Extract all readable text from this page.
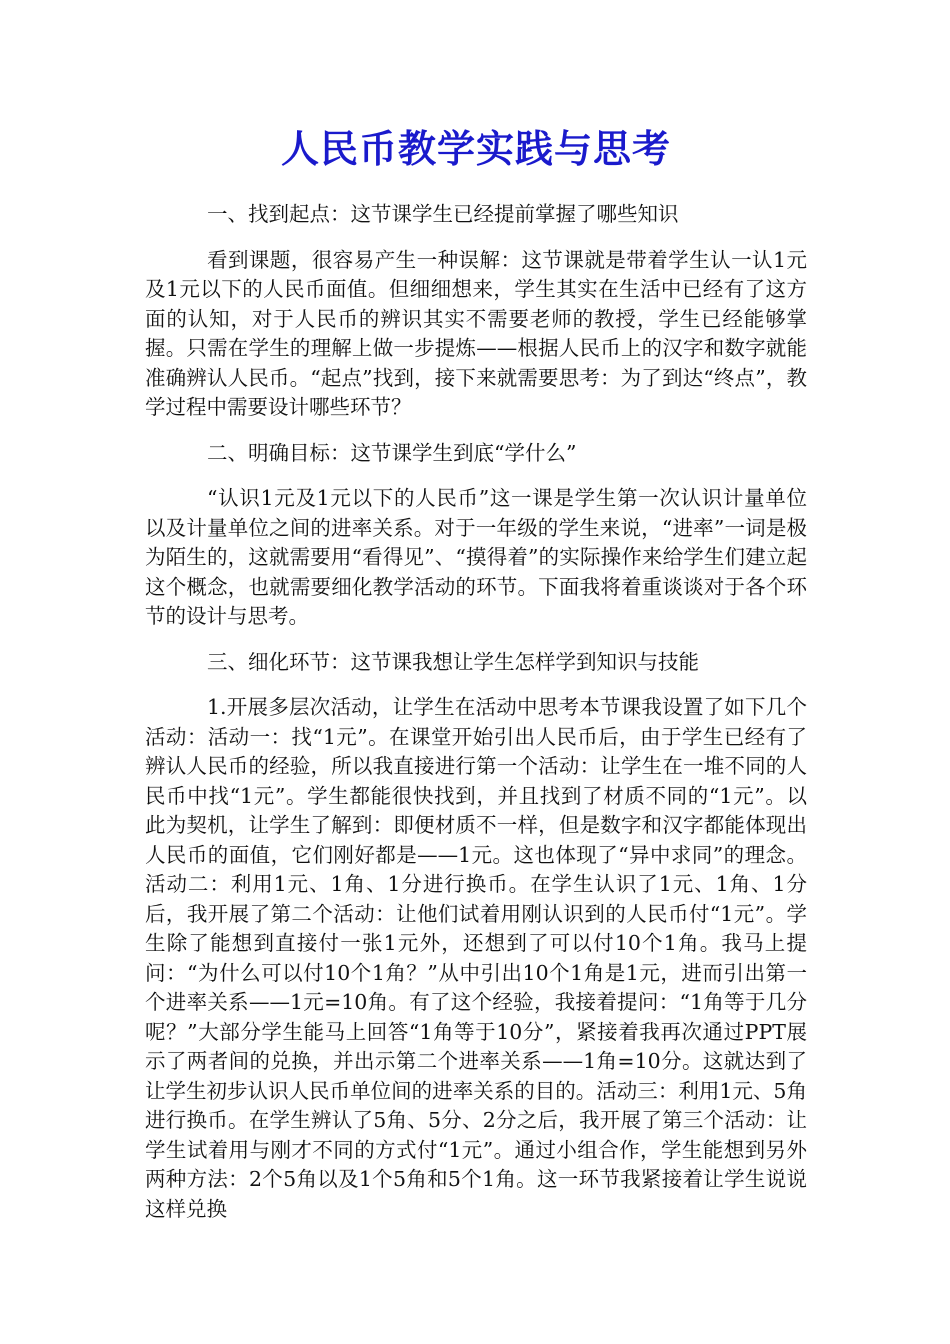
人民币教学实践与思考

一、找到起点：这节课学生已经提前掌握了哪些知识

看到课题，很容易产生一种误解：这节课就是带着学生认一认1元及1元以下的人民币面值。但细细想来，学生其实在生活中已经有了这方面的认知，对于人民币的辨识其实不需要老师的教授，学生已经能够掌握。只需在学生的理解上做一步提炼——根据人民币上的汉字和数字就能准确辨认人民币。“起点”找到，接下来就需要思考：为了到达“终点”，教学过程中需要设计哪些环节？

二、明确目标：这节课学生到底“学什么”

“认识1元及1元以下的人民币”这一课是学生第一次认识计量单位以及计量单位之间的进率关系。对于一年级的学生来说，“进率”一词是极为陌生的，这就需要用“看得见”、“摸得着”的实际操作来给学生们建立起这个概念，也就需要细化教学活动的环节。下面我将着重谈谈对于各个环节的设计与思考。

三、细化环节：这节课我想让学生怎样学到知识与技能

1.开展多层次活动，让学生在活动中思考本节课我设置了如下几个活动：活动一：找“1元”。在课堂开始引出人民币后，由于学生已经有了辨认人民币的经验，所以我直接进行第一个活动：让学生在一堆不同的人民币中找“1元”。学生都能很快找到，并且找到了材质不同的“1元”。以此为契机，让学生了解到：即便材质不一样，但是数字和汉字都能体现出人民币的面值，它们刚好都是——1元。这也体现了“异中求同”的理念。活动二：利用1元、1角、1分进行换币。在学生认识了1元、1角、1分后，我开展了第二个活动：让他们试着用刚认识到的人民币付“1元”。学生除了能想到直接付一张1元外，还想到了可以付10个1角。我马上提问：“为什么可以付10个1角？”从中引出10个1角是1元，进而引出第一个进率关系——1元=10角。有了这个经验，我接着提问：“1角等于几分呢？”大部分学生能马上回答“1角等于10分”，紧接着我再次通过PPT展示了两者间的兑换，并出示第二个进率关系——1角=10分。这就达到了让学生初步认识人民币单位间的进率关系的目的。活动三：利用1元、5角进行换币。在学生辨认了5角、5分、2分之后，我开展了第三个活动：让学生试着用与刚才不同的方式付“1元”。通过小组合作，学生能想到另外两种方法：2个5角以及1个5角和5个1角。这一环节我紧接着让学生说说这样兑换
